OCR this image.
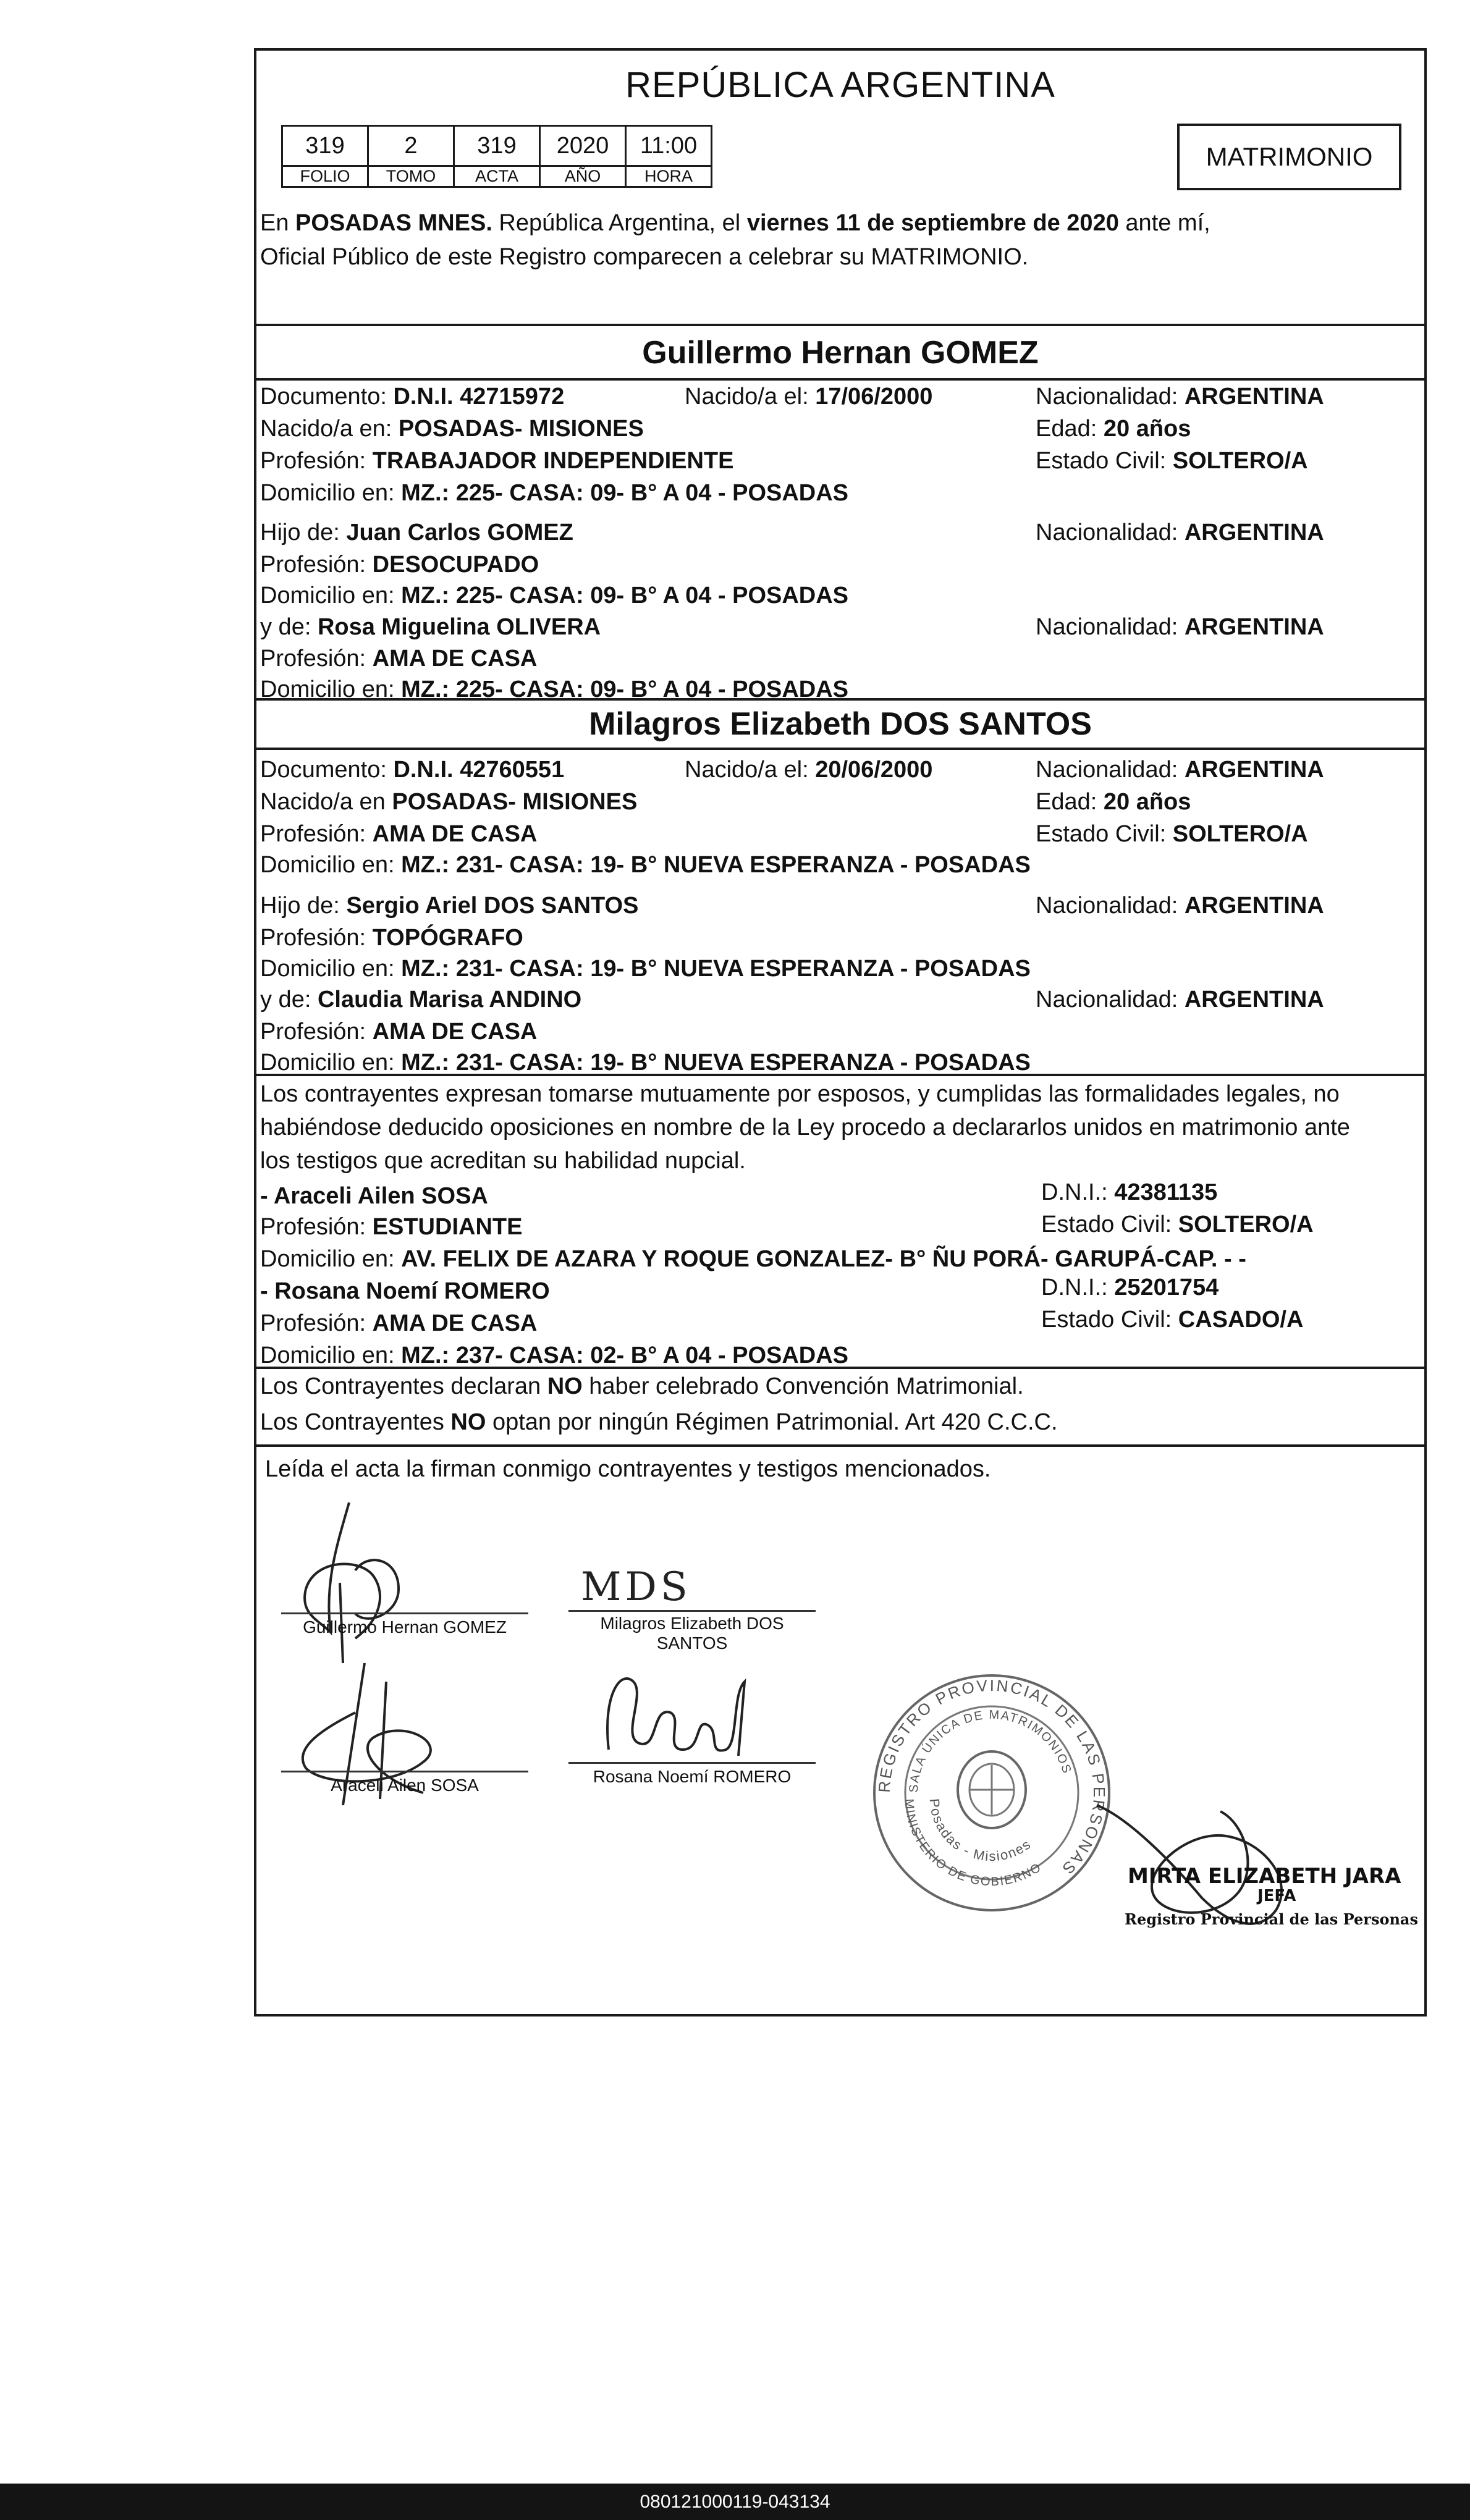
REPÚBLICA ARGENTINA
319	2	319	2020	11:00
FOLIO	TOMO	ACTA	AÑO	HORA
MATRIMONIO
En POSADAS MNES. República Argentina, el viernes 11 de septiembre de 2020 ante mí,
Oficial Público de este Registro comparecen a celebrar su MATRIMONIO.
Guillermo Hernan GOMEZ
Documento: D.N.I. 42715972	Nacido/a el: 17/06/2000	Nacionalidad: ARGENTINA
Nacido/a en: POSADAS- MISIONES	Edad: 20 años
Profesión: TRABAJADOR INDEPENDIENTE	Estado Civil: SOLTERO/A
Domicilio en: MZ.: 225- CASA: 09- B° A 04 - POSADAS
Hijo de: Juan Carlos GOMEZ	Nacionalidad: ARGENTINA
Profesión: DESOCUPADO
Domicilio en: MZ.: 225- CASA: 09- B° A 04 - POSADAS
y de: Rosa Miguelina OLIVERA	Nacionalidad: ARGENTINA
Profesión: AMA DE CASA
Domicilio en: MZ.: 225- CASA: 09- B° A 04 - POSADAS
Milagros Elizabeth DOS SANTOS
Documento: D.N.I. 42760551	Nacido/a el: 20/06/2000	Nacionalidad: ARGENTINA
Nacido/a en POSADAS- MISIONES	Edad: 20 años
Profesión: AMA DE CASA	Estado Civil: SOLTERO/A
Domicilio en: MZ.: 231- CASA: 19- B° NUEVA ESPERANZA - POSADAS
Hijo de: Sergio Ariel DOS SANTOS	Nacionalidad: ARGENTINA
Profesión: TOPÓGRAFO
Domicilio en: MZ.: 231- CASA: 19- B° NUEVA ESPERANZA - POSADAS
y de: Claudia Marisa ANDINO	Nacionalidad: ARGENTINA
Profesión: AMA DE CASA
Domicilio en: MZ.: 231- CASA: 19- B° NUEVA ESPERANZA - POSADAS
Los contrayentes expresan tomarse mutuamente por esposos, y cumplidas las formalidades legales, no
habiéndose deducido oposiciones en nombre de la Ley procedo a declararlos unidos en matrimonio ante
los testigos que acreditan su habilidad nupcial.
- Araceli Ailen SOSA	D.N.I.: 42381135
Profesión: ESTUDIANTE	Estado Civil: SOLTERO/A
Domicilio en: AV. FELIX DE AZARA Y ROQUE GONZALEZ- B° ÑU PORÁ- GARUPÁ-CAP. - -
- Rosana Noemí ROMERO	D.N.I.: 25201754
Profesión: AMA DE CASA	Estado Civil: CASADO/A
Domicilio en: MZ.: 237- CASA: 02- B° A 04 - POSADAS
Los Contrayentes declaran NO haber celebrado Convención Matrimonial.
Los Contrayentes NO optan por ningún Régimen Patrimonial. Art 420 C.C.C.
Leída el acta la firman conmigo contrayentes y testigos mencionados.
Guillermo Hernan GOMEZ
MDS
Milagros Elizabeth DOS
SANTOS
Araceli Ailen SOSA	Rosana Noemí ROMERO	REGISTRO PROVINCIAL DE LAS PERSONAS
SALA ÚNICA DE MATRIMONIOS
Posadas - Misiones
MINISTERIO DE GOBIERNO	MIRTA ELIZABETH JARA
JEFA
Registro Provincial de las Personas
080121000119-043134
